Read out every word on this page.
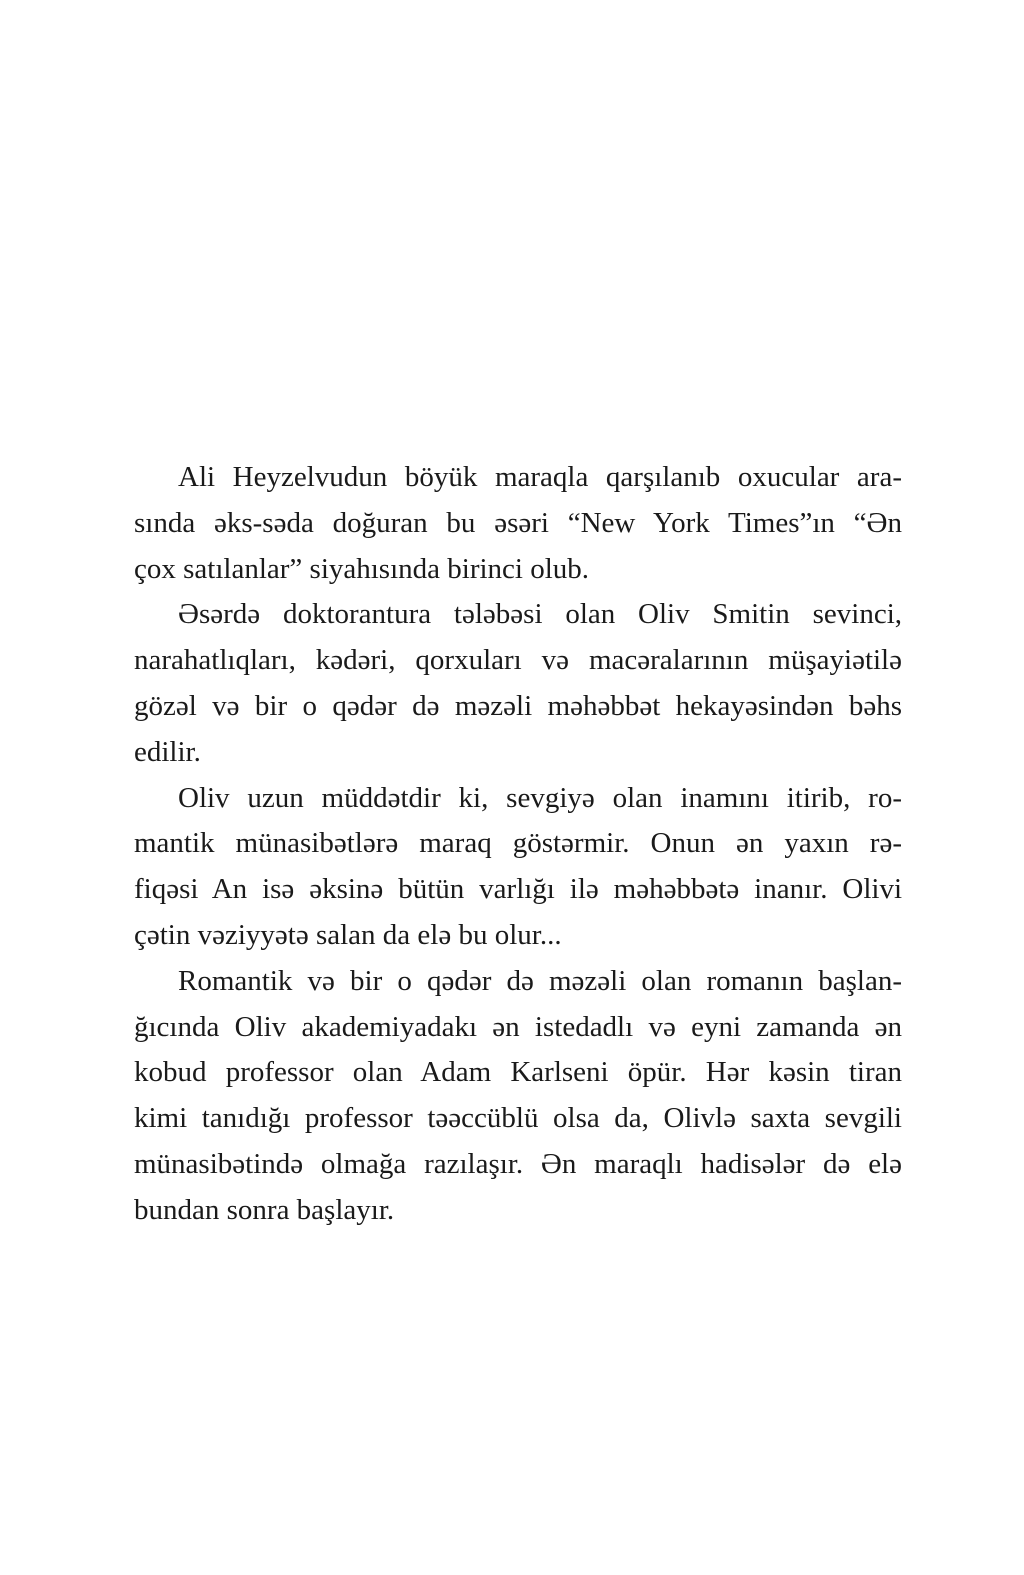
Ali Heyzelvudun böyük maraqla qarşılanıb oxucular ara-
sında əks-səda doğuran bu əsəri “New York Times”ın “Ən
çox satılanlar” siyahısında birinci olub.
Əsərdə doktorantura tələbəsi olan Oliv Smitin sevinci,
narahatlıqları, kədəri, qorxuları və macəralarının müşayiətilə
gözəl və bir o qədər də məzəli məhəbbət hekayəsindən bəhs
edilir.
Oliv uzun müddətdir ki, sevgiyə olan inamını itirib, ro-
mantik münasibətlərə maraq göstərmir. Onun ən yaxın rə-
fiqəsi An isə əksinə bütün varlığı ilə məhəbbətə inanır. Olivi
çətin vəziyyətə salan da elə bu olur...
Romantik və bir o qədər də məzəli olan romanın başlan-
ğıcında Oliv akademiyadakı ən istedadlı və eyni zamanda ən
kobud professor olan Adam Karlseni öpür. Hər kəsin tiran
kimi tanıdığı professor təəccüblü olsa da, Olivlə saxta sevgili
münasibətində olmağa razılaşır. Ən maraqlı hadisələr də elə
bundan sonra başlayır.
